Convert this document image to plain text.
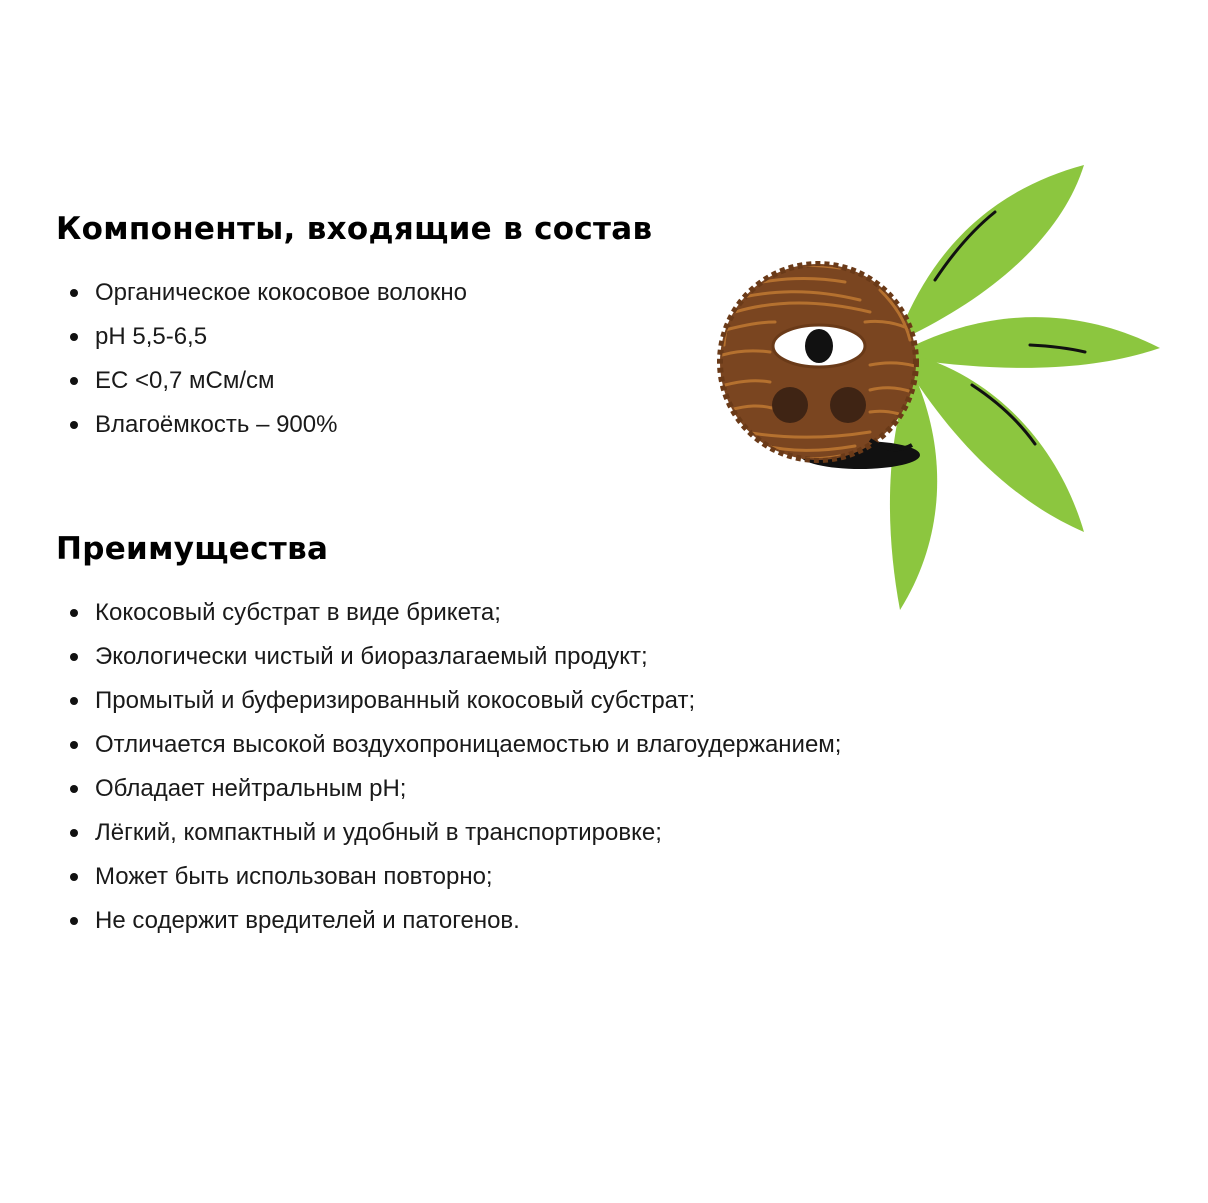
Компоненты, входящие в состав
Органическое кокосовое волокно
pH 5,5-6,5
EC <0,7 мСм/см
Влагоёмкость – 900%
Преимущества
Кокосовый субстрат в виде брикета;
Экологически чистый и биоразлагаемый продукт;
Промытый и буферизированный кокосовый субстрат;
Отличается высокой воздухопроницаемостью и влагоудержанием;
Обладает нейтральным pH;
Лёгкий, компактный и удобный в транспортировке;
Может быть использован повторно;
Не содержит вредителей и патогенов.
